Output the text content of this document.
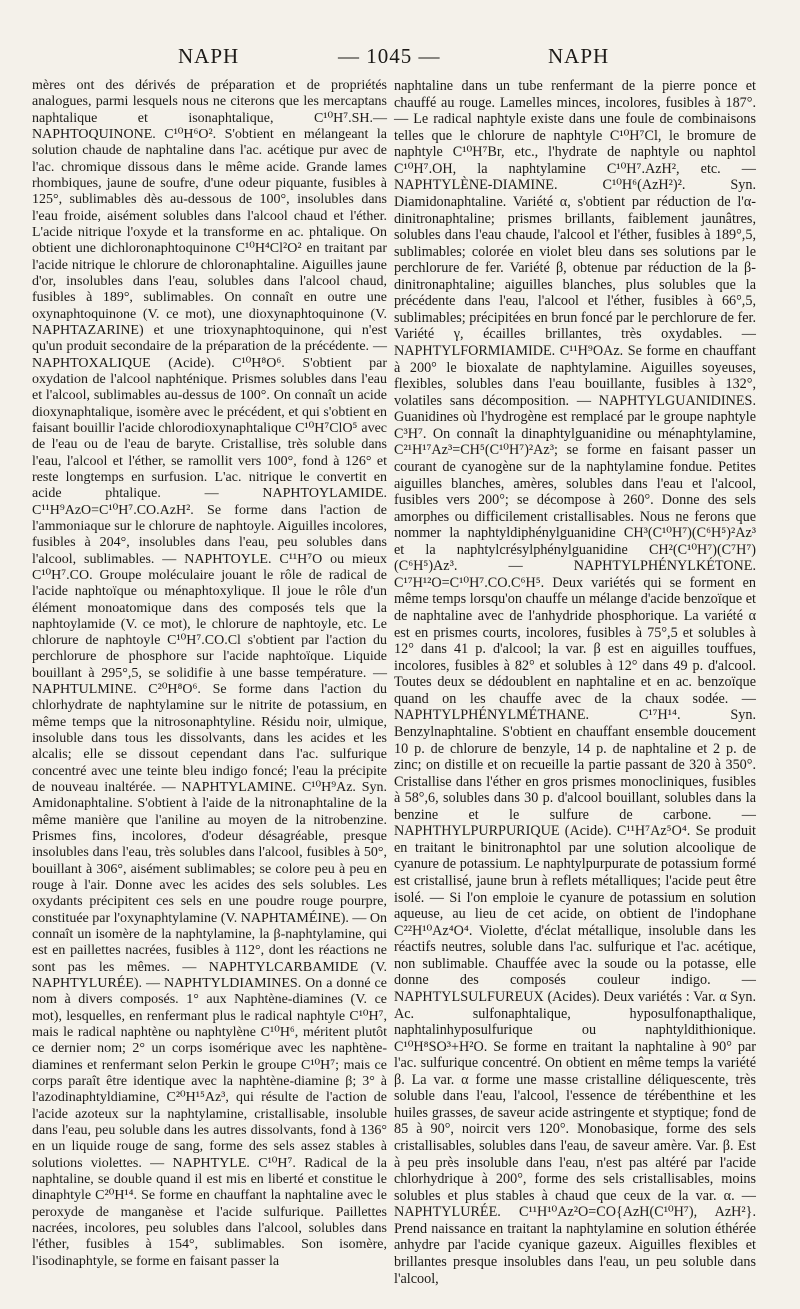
NAPH	— 1045 —	NAPH

mères ont des dérivés de préparation et de propriétés analogues, parmi lesquels nous ne citerons que les mercaptans naphtalique et isonaphtalique, C¹⁰H⁷.SH.— NAPHTOQUINONE. C¹⁰H⁶O². S'obtient en mélangeant la solution chaude de naphtaline dans l'ac. acétique pur avec de l'ac. chromique dissous dans le même acide. Grande lames rhombiques, jaune de soufre, d'une odeur piquante, fusibles à 125°, sublimables dès au-dessous de 100°, insolubles dans l'eau froide, aisément solubles dans l'alcool chaud et l'éther. L'acide nitrique l'oxyde et la transforme en ac. phtalique. On obtient une dichloronaphtoquinone C¹⁰H⁴Cl²O² en traitant par l'acide nitrique le chlorure de chloronaphtaline. Aiguilles jaune d'or, insolubles dans l'eau, solubles dans l'alcool chaud, fusibles à 189°, sublimables. On connaît en outre une oxynaphtoquinone (V. ce mot), une dioxynaphtoquinone (V. NAPHTAZARINE) et une trioxynaphtoquinone, qui n'est qu'un produit secondaire de la préparation de la précédente. — NAPHTOXALIQUE (Acide). C¹⁰H⁸O⁶. S'obtient par oxydation de l'alcool naphténique. Prismes solubles dans l'eau et l'alcool, sublimables au-dessus de 100°. On connaît un acide dioxynaphtalique, isomère avec le précédent, et qui s'obtient en faisant bouillir l'acide chlorodioxynaphtalique C¹⁰H⁷ClO⁵ avec de l'eau ou de l'eau de baryte. Cristallise, très soluble dans l'eau, l'alcool et l'éther, se ramollit vers 100°, fond à 126° et reste longtemps en surfusion. L'ac. nitrique le convertit en acide phtalique. — NAPHTOYLAMIDE. C¹¹H⁹AzO=C¹⁰H⁷.CO.AzH². Se forme dans l'action de l'ammoniaque sur le chlorure de naphtoyle. Aiguilles incolores, fusibles à 204°, insolubles dans l'eau, peu solubles dans l'alcool, sublimables. — NAPHTOYLE. C¹¹H⁷O ou mieux C¹⁰H⁷.CO. Groupe moléculaire jouant le rôle de radical de l'acide naphtoïque ou ménaphtoxylique. Il joue le rôle d'un élément monoatomique dans des composés tels que la naphtoylamide (V. ce mot), le chlorure de naphtoyle, etc. Le chlorure de naphtoyle C¹⁰H⁷.CO.Cl s'obtient par l'action du perchlorure de phosphore sur l'acide naphtoïque. Liquide bouillant à 295°,5, se solidifie à une basse température. — NAPHTULMINE. C²⁰H⁸O⁶. Se forme dans l'action du chlorhydrate de naphtylamine sur le nitrite de potassium, en même temps que la nitrosonaphtyline. Résidu noir, ulmique, insoluble dans tous les dissolvants, dans les acides et les alcalis; elle se dissout cependant dans l'ac. sulfurique concentré avec une teinte bleu indigo foncé; l'eau la précipite de nouveau inaltérée. — NAPHTYLAMINE. C¹⁰H⁹Az. Syn. Amidonaphtaline. S'obtient à l'aide de la nitronaphtaline de la même manière que l'aniline au moyen de la nitrobenzine. Prismes fins, incolores, d'odeur désagréable, presque insolubles dans l'eau, très solubles dans l'alcool, fusibles à 50°, bouillant à 306°, aisément sublimables; se colore peu à peu en rouge à l'air. Donne avec les acides des sels solubles. Les oxydants précipitent ces sels en une poudre rouge pourpre, constituée par l'oxynaphtylamine (V. NAPHTAMÉINE). — On connaît un isomère de la naphtylamine, la β-naphtylamine, qui est en paillettes nacrées, fusibles à 112°, dont les réactions ne sont pas les mêmes. — NAPHTYLCARBAMIDE (V. NAPHTYLURÉE). — NAPHTYLDIAMINES. On a donné ce nom à divers composés. 1° aux Naphtène-diamines (V. ce mot), lesquelles, en renfermant plus le radical naphtyle C¹⁰H⁷, mais le radical naphtène ou naphtylène C¹⁰H⁶, méritent plutôt ce dernier nom; 2° un corps isomérique avec les naphtène-diamines et renfermant selon Perkin le groupe C¹⁰H⁷; mais ce corps paraît être identique avec la naphtène-diamine β; 3° à l'azodinaphtyldiamine, C²⁰H¹⁵Az³, qui résulte de l'action de l'acide azoteux sur la naphtylamine, cristallisable, insoluble dans l'eau, peu soluble dans les autres dissolvants, fond à 136° en un liquide rouge de sang, forme des sels assez stables à solutions violettes. — NAPHTYLE. C¹⁰H⁷. Radical de la naphtaline, se double quand il est mis en liberté et constitue le dinaphtyle C²⁰H¹⁴. Se forme en chauffant la naphtaline avec le peroxyde de manganèse et l'acide sulfurique. Paillettes nacrées, incolores, peu solubles dans l'alcool, solubles dans l'éther, fusibles à 154°, sublimables. Son isomère, l'isodinaphtyle, se forme en faisant passer la

naphtaline dans un tube renfermant de la pierre ponce et chauffé au rouge. Lamelles minces, incolores, fusibles à 187°. — Le radical naphtyle existe dans une foule de combinaisons telles que le chlorure de naphtyle C¹⁰H⁷Cl, le bromure de naphtyle C¹⁰H⁷Br, etc., l'hydrate de naphtyle ou naphtol C¹⁰H⁷.OH, la naphtylamine C¹⁰H⁷.AzH², etc. — NAPHTYLÈNE-DIAMINE. C¹⁰H⁶(AzH²)². Syn. Diamidonaphtaline. Variété α, s'obtient par réduction de l'α-dinitronaphtaline; prismes brillants, faiblement jaunâtres, solubles dans l'eau chaude, l'alcool et l'éther, fusibles à 189°,5, sublimables; colorée en violet bleu dans ses solutions par le perchlorure de fer. Variété β, obtenue par réduction de la β-dinitronaphtaline; aiguilles blanches, plus solubles que la précédente dans l'eau, l'alcool et l'éther, fusibles à 66°,5, sublimables; précipitées en brun foncé par le perchlorure de fer. Variété γ, écailles brillantes, très oxydables. — NAPHTYLFORMIAMIDE. C¹¹H⁹OAz. Se forme en chauffant à 200° le bioxalate de naphtylamine. Aiguilles soyeuses, flexibles, solubles dans l'eau bouillante, fusibles à 132°, volatiles sans décomposition. — NAPHTYLGUANIDINES. Guanidines où l'hydrogène est remplacé par le groupe naphtyle C³H⁷. On connaît la dinaphtylguanidine ou ménaphtylamine, C²¹H¹⁷Az³=CH⁵(C¹⁰H⁷)²Az³; se forme en faisant passer un courant de cyanogène sur de la naphtylamine fondue. Petites aiguilles blanches, amères, solubles dans l'eau et l'alcool, fusibles vers 200°; se décompose à 260°. Donne des sels amorphes ou difficilement cristallisables. Nous ne ferons que nommer la naphtyldiphénylguanidine CH³(C¹⁰H⁷)(C⁶H⁵)²Az³ et la naphtylcrésylphénylguanidine CH²(C¹⁰H⁷)(C⁷H⁷)(C⁶H⁵)Az³. — NAPHTYLPHÉNYLKÉTONE. C¹⁷H¹²O=C¹⁰H⁷.CO.C⁶H⁵. Deux variétés qui se forment en même temps lorsqu'on chauffe un mélange d'acide benzoïque et de naphtaline avec de l'anhydride phosphorique. La variété α est en prismes courts, incolores, fusibles à 75°,5 et solubles à 12° dans 41 p. d'alcool; la var. β est en aiguilles touffues, incolores, fusibles à 82° et solubles à 12° dans 49 p. d'alcool. Toutes deux se dédoublent en naphtaline et en ac. benzoïque quand on les chauffe avec de la chaux sodée. — NAPHTYLPHÉNYLMÉTHANE. C¹⁷H¹⁴. Syn. Benzylnaphtaline. S'obtient en chauffant ensemble doucement 10 p. de chlorure de benzyle, 14 p. de naphtaline et 2 p. de zinc; on distille et on recueille la partie passant de 320 à 350°. Cristallise dans l'éther en gros prismes monocliniques, fusibles à 58°,6, solubles dans 30 p. d'alcool bouillant, solubles dans la benzine et le sulfure de carbone. — NAPHTHYLPURPURIQUE (Acide). C¹¹H⁷Az⁵O⁴. Se produit en traitant le binitronaphtol par une solution alcoolique de cyanure de potassium. Le naphtylpurpurate de potassium formé est cristallisé, jaune brun à reflets métalliques; l'acide peut être isolé. — Si l'on emploie le cyanure de potassium en solution aqueuse, au lieu de cet acide, on obtient de l'indophane C²²H¹⁰Az⁴O⁴. Violette, d'éclat métallique, insoluble dans les réactifs neutres, soluble dans l'ac. sulfurique et l'ac. acétique, non sublimable. Chauffée avec la soude ou la potasse, elle donne des composés couleur indigo. — NAPHTYLSULFUREUX (Acides). Deux variétés : Var. α Syn. Ac. sulfonaphtalique, hyposulfonapthalique, naphtalinhyposulfurique ou naphtyldithionique. C¹⁰H⁸SO³+H²O. Se forme en traitant la naphtaline à 90° par l'ac. sulfurique concentré. On obtient en même temps la variété β. La var. α forme une masse cristalline déliquescente, très soluble dans l'eau, l'alcool, l'essence de térébenthine et les huiles grasses, de saveur acide astringente et styptique; fond de 85 à 90°, noircit vers 120°. Monobasique, forme des sels cristallisables, solubles dans l'eau, de saveur amère. Var. β. Est à peu près insoluble dans l'eau, n'est pas altéré par l'acide chlorhydrique à 200°, forme des sels cristallisables, moins solubles et plus stables à chaud que ceux de la var. α. — NAPHTYLURÉE. C¹¹H¹⁰Az²O=CO{AzH(C¹⁰H⁷), AzH²}. Prend naissance en traitant la naphtylamine en solution éthérée anhydre par l'acide cyanique gazeux. Aiguilles flexibles et brillantes presque insolubles dans l'eau, un peu soluble dans l'alcool,
